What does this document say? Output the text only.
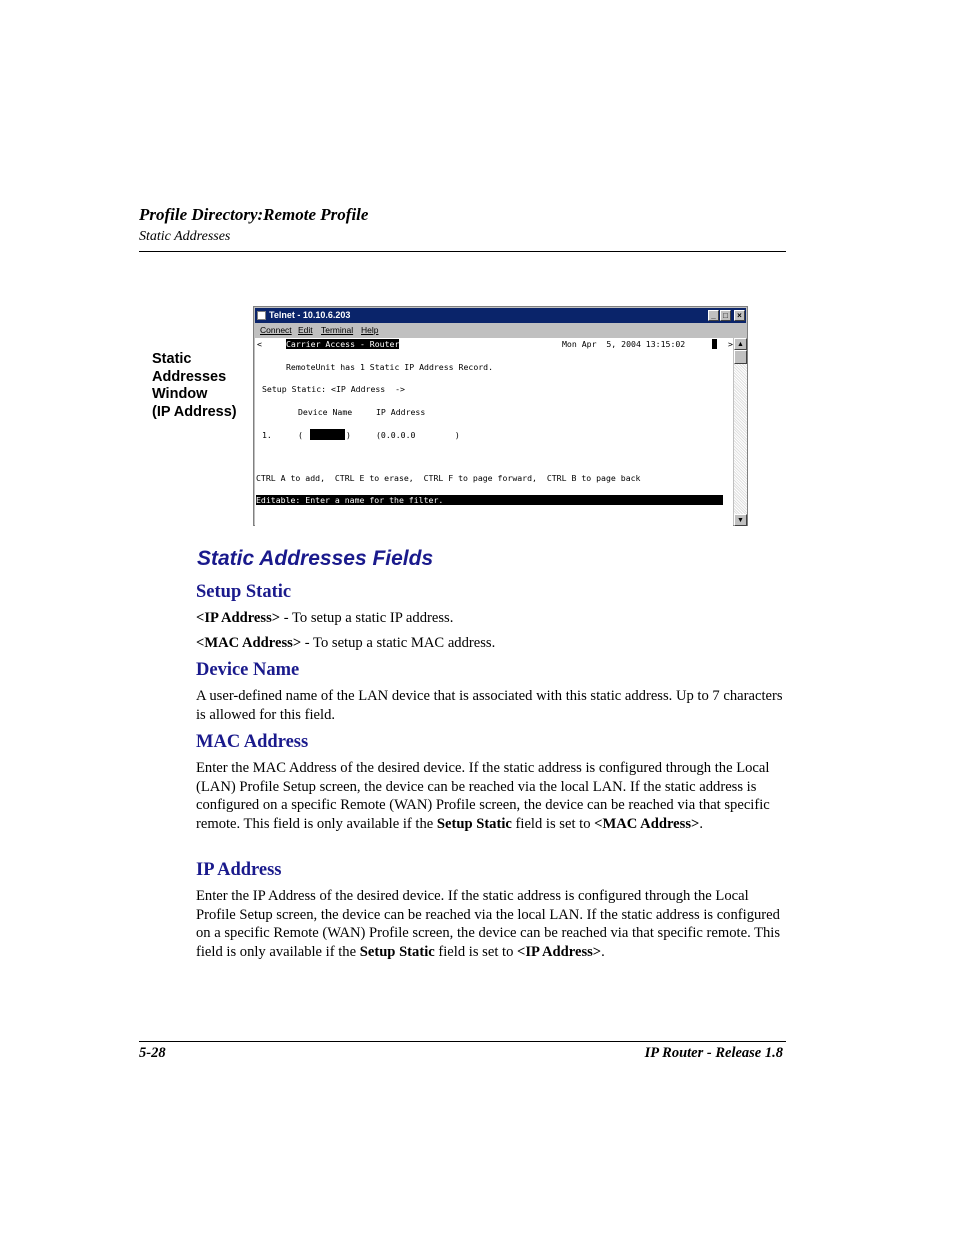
Profile Directory:Remote Profile
Static Addresses
Static
Addresses
Window
(IP Address)
Telnet - 10.10.6.203	_ □	×
Connect Edit Terminal Help
<	Carrier Access - Router	Mon Apr  5, 2004 13:15:02
	>
RemoteUnit has 1 Static IP Address Record.
Setup Static: <IP Address  ->
Device Name	IP Address
1.	(	)	(0.0.0.0        )
CTRL A to add,  CTRL E to erase,  CTRL F to page forward,  CTRL B to page back
Editable: Enter a name for the filter.
▲
▼
Static Addresses Fields
Setup Static
<IP Address> - To setup a static IP address.
<MAC Address> - To setup a static MAC address.
Device Name
A user-defined name of the LAN device that is associated with this static address. Up to 7 characters is allowed for this field.
MAC Address
Enter the MAC Address of the desired device. If the static address is configured through the Local (LAN) Profile Setup screen, the device can be reached via the local LAN. If the static address is configured on a specific Remote (WAN) Profile screen, the device can be reached via that specific remote. This field is only available if the Setup Static field is set to <MAC Address>.
IP Address
Enter the IP Address of the desired device. If the static address is configured through the Local Profile Setup screen, the device can be reached via the local LAN. If the static address is configured on a specific Remote (WAN) Profile screen, the device can be reached via that specific remote. This field is only available if the Setup Static field is set to <IP Address>.
5-28	IP Router - Release 1.8
